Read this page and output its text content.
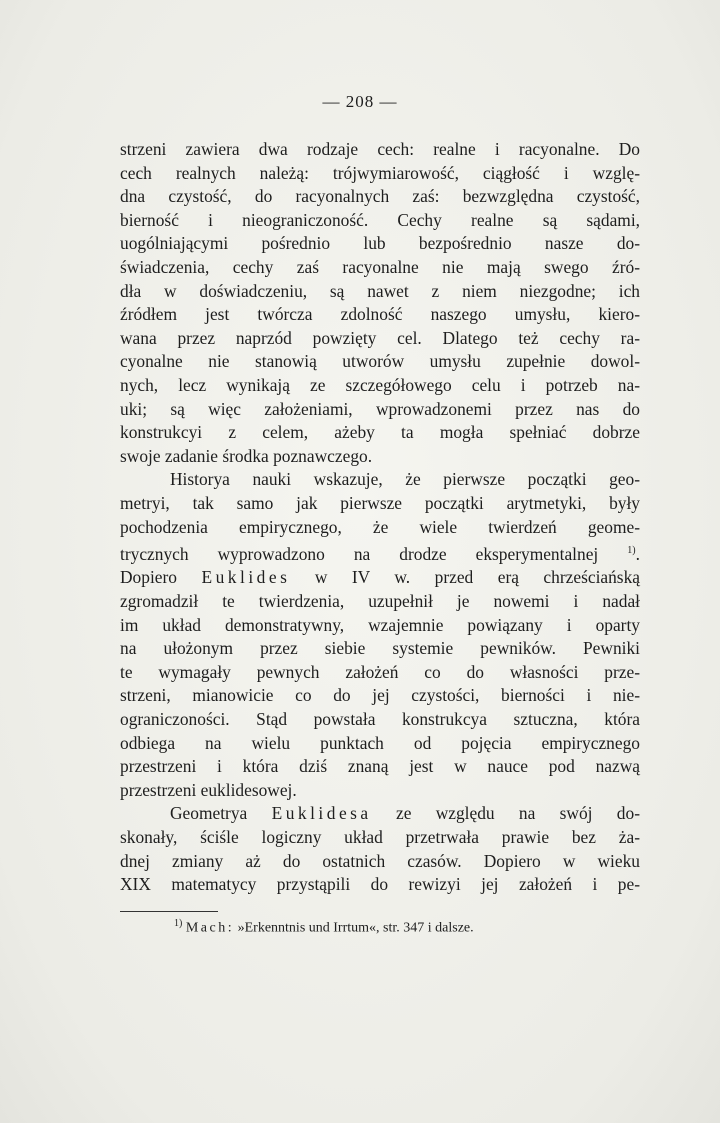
— 208 —
strzeni zawiera dwa rodzaje cech: realne i racyonalne. Do
cech realnych należą: trójwymiarowość, ciągłość i wzglę-
dna czystość, do racyonalnych zaś: bezwzględna czystość,
bierność i nieograniczoność. Cechy realne są sądami,
uogólniającymi pośrednio lub bezpośrednio nasze do-
świadczenia, cechy zaś racyonalne nie mają swego źró-
dła w doświadczeniu, są nawet z niem niezgodne; ich
źródłem jest twórcza zdolność naszego umysłu, kiero-
wana przez naprzód powzięty cel. Dlatego też cechy ra-
cyonalne nie stanowią utworów umysłu zupełnie dowol-
nych, lecz wynikają ze szczegółowego celu i potrzeb na-
uki; są więc założeniami, wprowadzonemi przez nas do
konstrukcyi z celem, ażeby ta mogła spełniać dobrze
swoje zadanie środka poznawczego.
Historya nauki wskazuje, że pierwsze początki geo-
metryi, tak samo jak pierwsze początki arytmetyki, były
pochodzenia empirycznego, że wiele twierdzeń geome-
trycznych wyprowadzono na drodze eksperymentalnej	$^{1)}$.
Dopiero Euklides w IV w. przed erą chrześciańską
zgromadził te twierdzenia, uzupełnił je nowemi i nadał
im układ demonstratywny, wzajemnie powiązany i oparty
na ułożonym przez siebie systemie pewników. Pewniki
te wymagały pewnych założeń co do własności prze-
strzeni, mianowicie co do jej czystości, bierności i nie-
ograniczoności. Stąd powstała konstrukcya sztuczna, która
odbiega na wielu punktach od pojęcia empirycznego
przestrzeni i która dziś znaną jest w nauce pod nazwą
przestrzeni euklidesowej.
Geometrya Euklidesa ze względu na swój do-
skonały, ściśle logiczny układ przetrwała prawie bez ża-
dnej zmiany aż do ostatnich czasów. Dopiero w wieku
XIX matematycy przystąpili do rewizyi jej założeń i pe-
$^{1)}$ Mach: »Erkenntnis und Irrtum«, str. 347 i dalsze.
